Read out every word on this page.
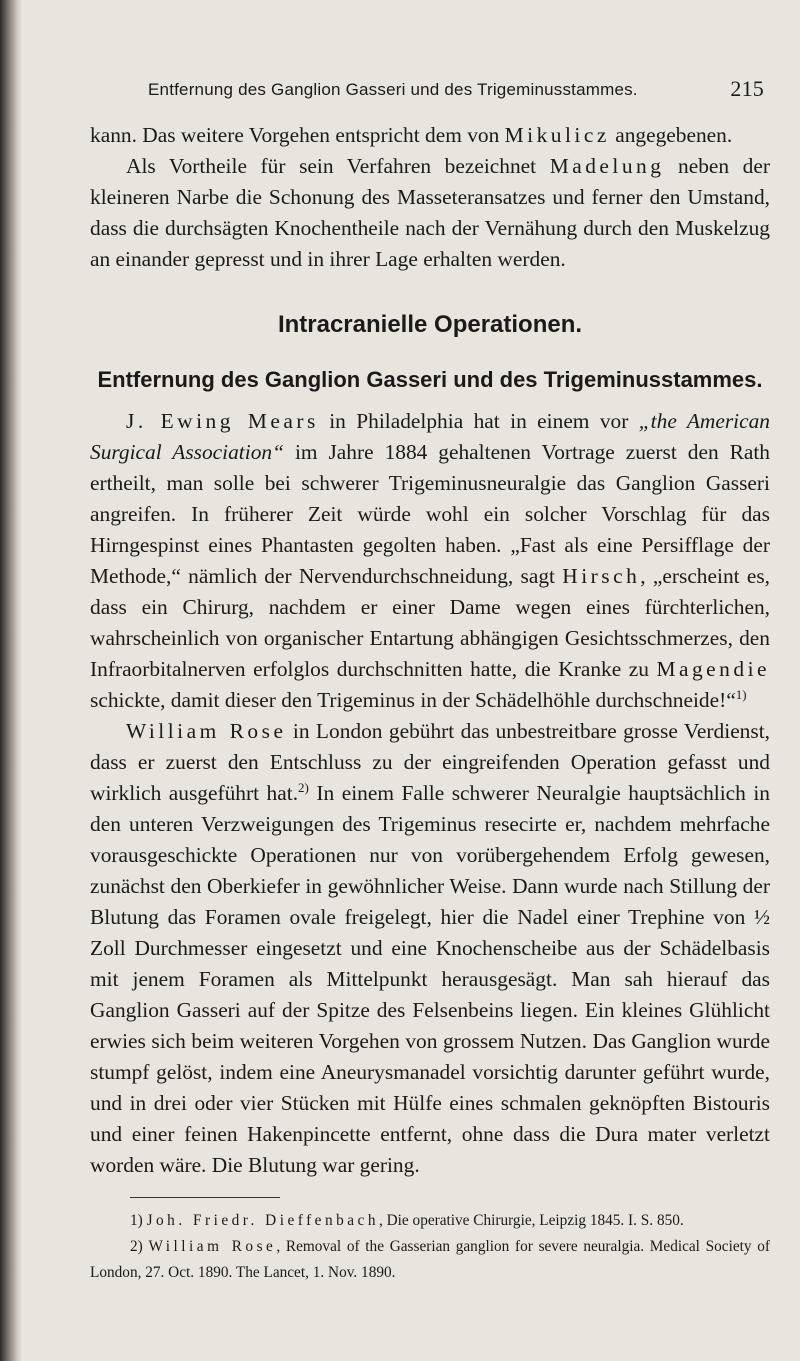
Entfernung des Ganglion Gasseri und des Trigeminusstammes.	215

kann. Das weitere Vorgehen entspricht dem von Mikulicz angegebenen.

Als Vortheile für sein Verfahren bezeichnet Madelung neben der kleineren Narbe die Schonung des Masseteransatzes und ferner den Umstand, dass die durchsägten Knochentheile nach der Vernähung durch den Muskelzug an einander gepresst und in ihrer Lage erhalten werden.

Intracranielle Operationen.
Entfernung des Ganglion Gasseri und des Trigeminusstammes.

J. Ewing Mears in Philadelphia hat in einem vor „the American Surgical Association“ im Jahre 1884 gehaltenen Vortrage zuerst den Rath ertheilt, man solle bei schwerer Trigeminusneuralgie das Ganglion Gasseri angreifen. In früherer Zeit würde wohl ein solcher Vorschlag für das Hirngespinst eines Phantasten gegolten haben. „Fast als eine Persifflage der Methode,“ nämlich der Nervendurchschneidung, sagt Hirsch, „erscheint es, dass ein Chirurg, nachdem er einer Dame wegen eines fürchterlichen, wahrscheinlich von organischer Entartung abhängigen Gesichtsschmerzes, den Infraorbitalnerven erfolglos durchschnitten hatte, die Kranke zu Magendie schickte, damit dieser den Trigeminus in der Schädelhöhle durchschneide!“$^{1)}$

William Rose in London gebührt das unbestreitbare grosse Verdienst, dass er zuerst den Entschluss zu der eingreifenden Operation gefasst und wirklich ausgeführt hat.$^{2)}$ In einem Falle schwerer Neuralgie hauptsächlich in den unteren Verzweigungen des Trigeminus resecirte er, nachdem mehrfache vorausgeschickte Operationen nur von vorübergehendem Erfolg gewesen, zunächst den Oberkiefer in gewöhnlicher Weise. Dann wurde nach Stillung der Blutung das Foramen ovale freigelegt, hier die Nadel einer Trephine von ½ Zoll Durchmesser eingesetzt und eine Knochenscheibe aus der Schädelbasis mit jenem Foramen als Mittelpunkt herausgesägt. Man sah hierauf das Ganglion Gasseri auf der Spitze des Felsenbeins liegen. Ein kleines Glühlicht erwies sich beim weiteren Vorgehen von grossem Nutzen. Das Ganglion wurde stumpf gelöst, indem eine Aneurysmanadel vorsichtig darunter geführt wurde, und in drei oder vier Stücken mit Hülfe eines schmalen geknöpften Bistouris und einer feinen Hakenpincette entfernt, ohne dass die Dura mater verletzt worden wäre. Die Blutung war gering.

1) Joh. Friedr. Dieffenbach, Die operative Chirurgie, Leipzig 1845. I. S. 850.

2) William Rose, Removal of the Gasserian ganglion for severe neuralgia. Medical Society of London, 27. Oct. 1890. The Lancet, 1. Nov. 1890.
